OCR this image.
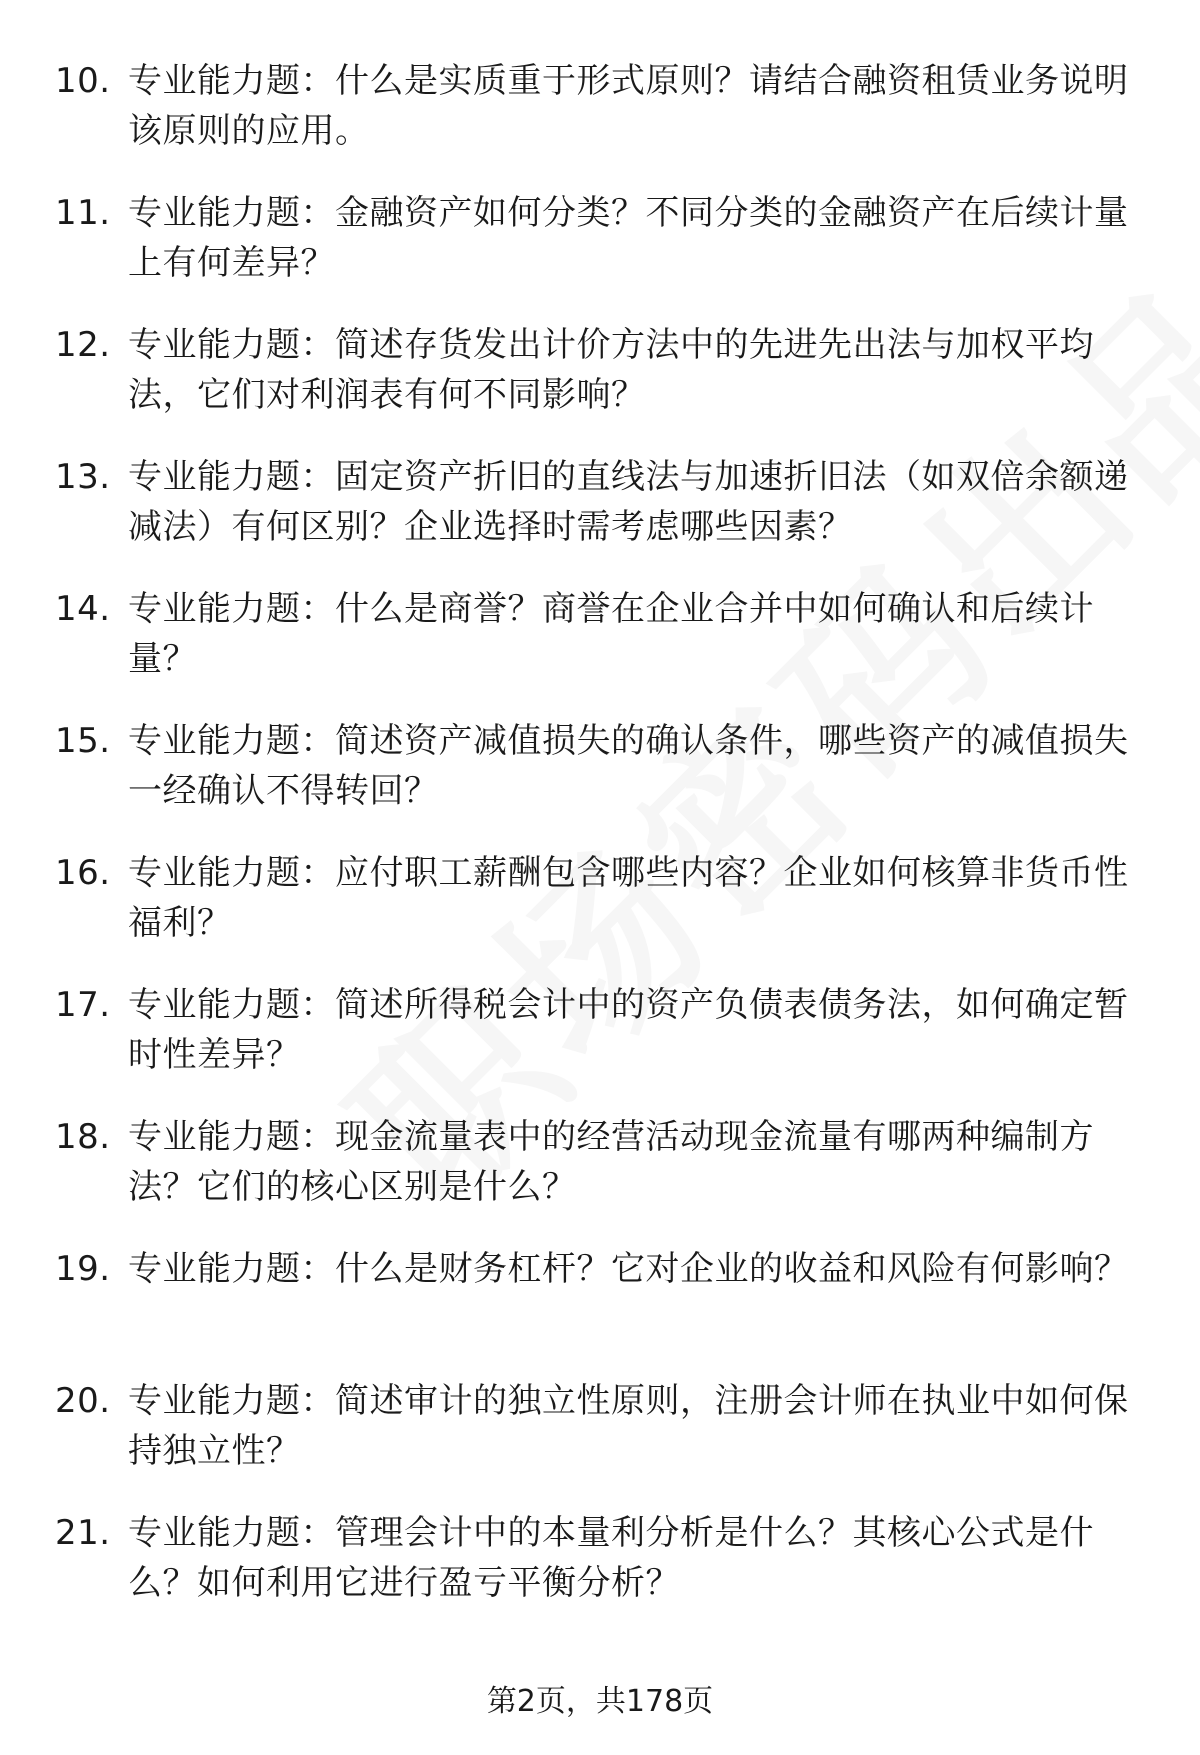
10. 专业能力题：什么是实质重于形式原则？请结合融资租赁业务说明该原则的应用。
11. 专业能力题：金融资产如何分类？不同分类的金融资产在后续计量上有何差异？
12. 专业能力题：简述存货发出计价方法中的先进先出法与加权平均法，它们对利润表有何不同影响？
13. 专业能力题：固定资产折旧的直线法与加速折旧法（如双倍余额递减法）有何区别？企业选择时需考虑哪些因素？
14. 专业能力题：什么是商誉？商誉在企业合并中如何确认和后续计量？
15. 专业能力题：简述资产减值损失的确认条件，哪些资产的减值损失一经确认不得转回？
16. 专业能力题：应付职工薪酬包含哪些内容？企业如何核算非货币性福利？
17. 专业能力题：简述所得税会计中的资产负债表债务法，如何确定暂时性差异？
18. 专业能力题：现金流量表中的经营活动现金流量有哪两种编制方法？它们的核心区别是什么？
19. 专业能力题：什么是财务杠杆？它对企业的收益和风险有何影响？
20. 专业能力题：简述审计的独立性原则，注册会计师在执业中如何保持独立性？
21. 专业能力题：管理会计中的本量利分析是什么？其核心公式是什么？如何利用它进行盈亏平衡分析？
第2页，共178页
